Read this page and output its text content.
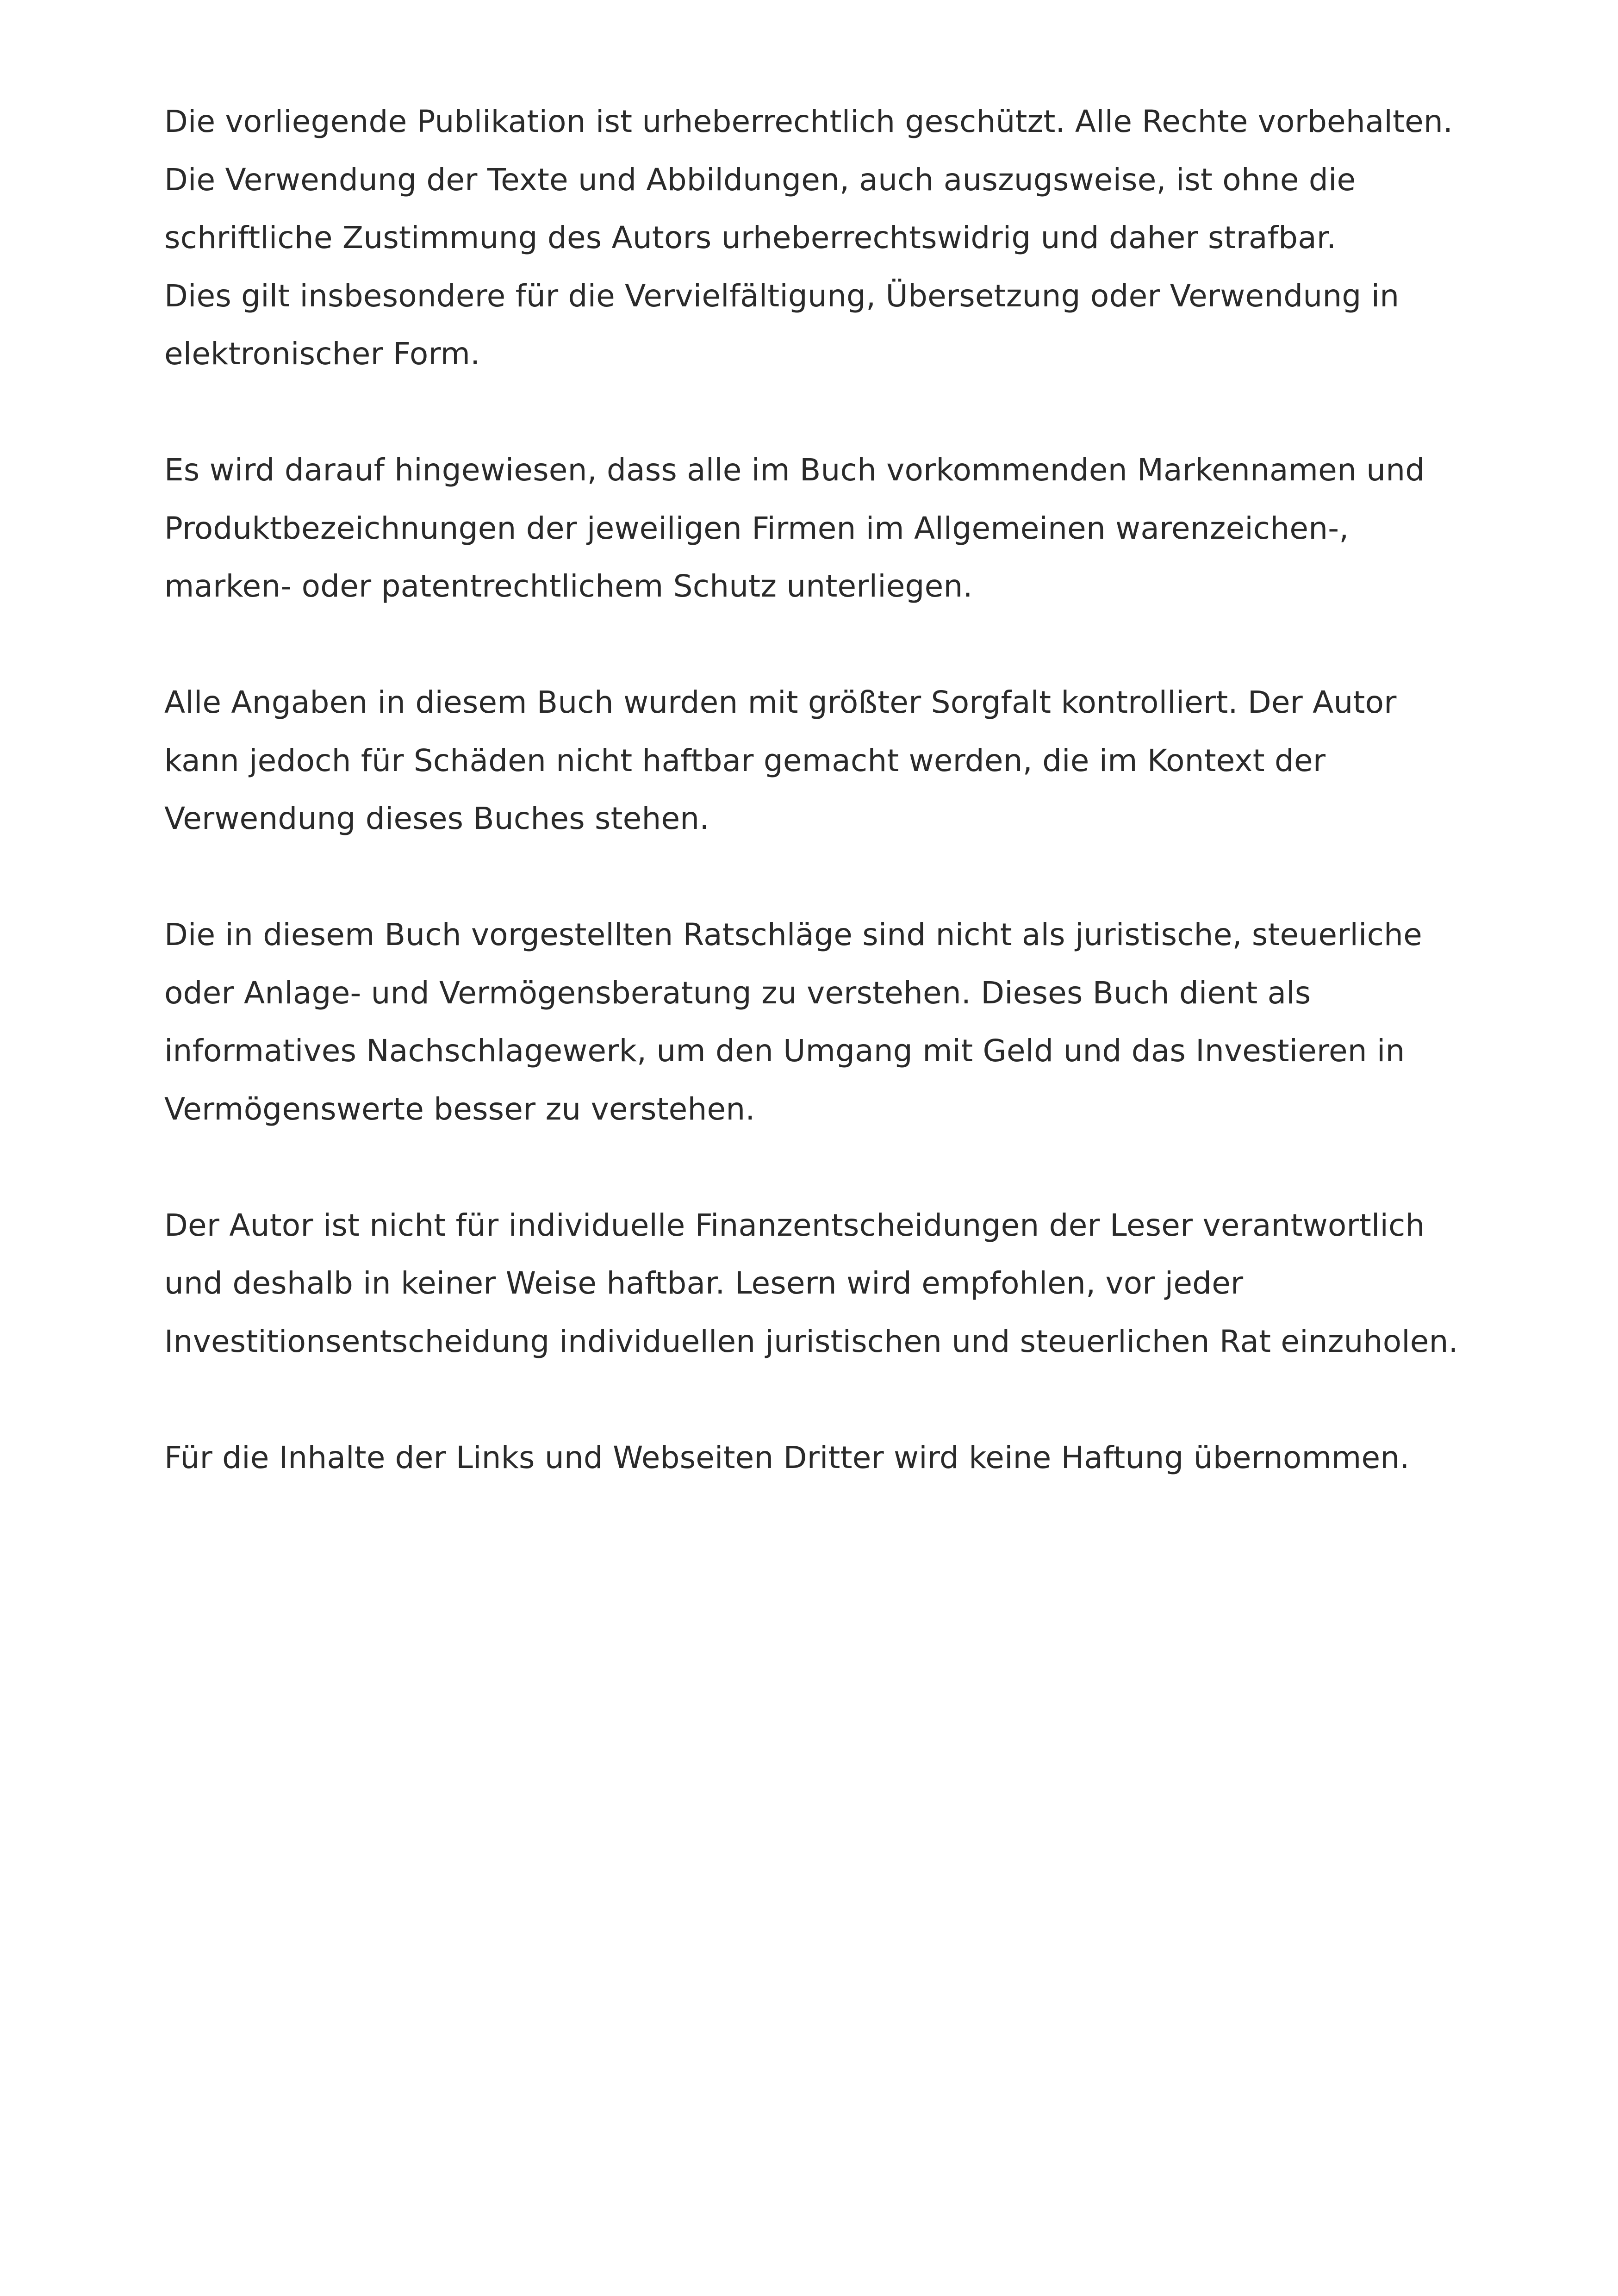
Die vorliegende Publikation ist urheberrechtlich geschützt. Alle Rechte vorbehalten.
Die Verwendung der Texte und Abbildungen, auch auszugsweise, ist ohne die
schriftliche Zustimmung des Autors urheberrechtswidrig und daher strafbar.
Dies gilt insbesondere für die Vervielfältigung, Übersetzung oder Verwendung in
elektronischer Form.
Es wird darauf hingewiesen, dass alle im Buch vorkommenden Markennamen und
Produktbezeichnungen der jeweiligen Firmen im Allgemeinen warenzeichen-,
marken- oder patentrechtlichem Schutz unterliegen.
Alle Angaben in diesem Buch wurden mit größter Sorgfalt kontrolliert. Der Autor
kann jedoch für Schäden nicht haftbar gemacht werden, die im Kontext der
Verwendung dieses Buches stehen.
Die in diesem Buch vorgestellten Ratschläge sind nicht als juristische, steuerliche
oder Anlage- und Vermögensberatung zu verstehen. Dieses Buch dient als
informatives Nachschlagewerk, um den Umgang mit Geld und das Investieren in
Vermögenswerte besser zu verstehen.
Der Autor ist nicht für individuelle Finanzentscheidungen der Leser verantwortlich
und deshalb in keiner Weise haftbar. Lesern wird empfohlen, vor jeder
Investitionsentscheidung individuellen juristischen und steuerlichen Rat einzuholen.
Für die Inhalte der Links und Webseiten Dritter wird keine Haftung übernommen.
